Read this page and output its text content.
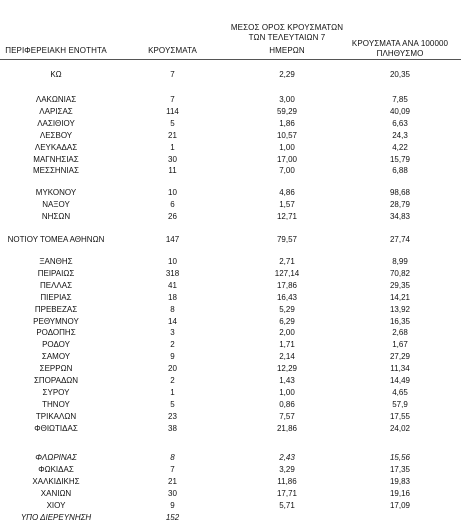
ΜΕΣΟΣ ΟΡΟΣ ΚΡΟΥΣΜΑΤΩΝ
ΤΩΝ ΤΕΛΕΥΤΑΙΩΝ 7
ΚΡΟΥΣΜΑΤΑ ΑΝΑ 100000
ΠΕΡΙΦΕΡΕΙΑΚΗ ΕΝΟΤΗΤΑ	ΚΡΟΥΣΜΑΤΑ	ΗΜΕΡΩΝ	ΠΛΗΘΥΣΜΟ
ΚΩ	7	2,29	20,35
ΛΑΚΩΝΙΑΣ	7	3,00	7,85
ΛΑΡΙΣΑΣ	114	59,29	40,09
ΛΑΣΙΘΙΟΥ	5	1,86	6,63
ΛΕΣΒΟΥ	21	10,57	24,3
ΛΕΥΚΑΔΑΣ	1	1,00	4,22
ΜΑΓΝΗΣΙΑΣ	30	17,00	15,79
ΜΕΣΣΗΝΙΑΣ	11	7,00	6,88
ΜΥΚΟΝΟΥ	10	4,86	98,68
ΝΑΞΟΥ	6	1,57	28,79
ΝΗΣΩΝ	26	12,71	34,83
ΝΟΤΙΟΥ ΤΟΜΕΑ ΑΘΗΝΩΝ	147	79,57	27,74
ΞΑΝΘΗΣ	10	2,71	8,99
ΠΕΙΡΑΙΩΣ	318	127,14	70,82
ΠΕΛΛΑΣ	41	17,86	29,35
ΠΙΕΡΙΑΣ	18	16,43	14,21
ΠΡΕΒΕΖΑΣ	8	5,29	13,92
ΡΕΘΥΜΝΟΥ	14	6,29	16,35
ΡΟΔΟΠΗΣ	3	2,00	2,68
ΡΟΔΟΥ	2	1,71	1,67
ΣΑΜΟΥ	9	2,14	27,29
ΣΕΡΡΩΝ	20	12,29	11,34
ΣΠΟΡΑΔΩΝ	2	1,43	14,49
ΣΥΡΟΥ	1	1,00	4,65
ΤΗΝΟΥ	5	0,86	57,9
ΤΡΙΚΑΛΩΝ	23	7,57	17,55
ΦΘΙΩΤΙΔΑΣ	38	21,86	24,02
ΦΛΩΡΙΝΑΣ	8	2,43	15,56
ΦΩΚΙΔΑΣ	7	3,29	17,35
ΧΑΛΚΙΔΙΚΗΣ	21	11,86	19,83
ΧΑΝΙΩΝ	30	17,71	19,16
ΧΙΟΥ	9	5,71	17,09
ΥΠΟ ΔΙΕΡΕΥΝΗΣΗ	152
